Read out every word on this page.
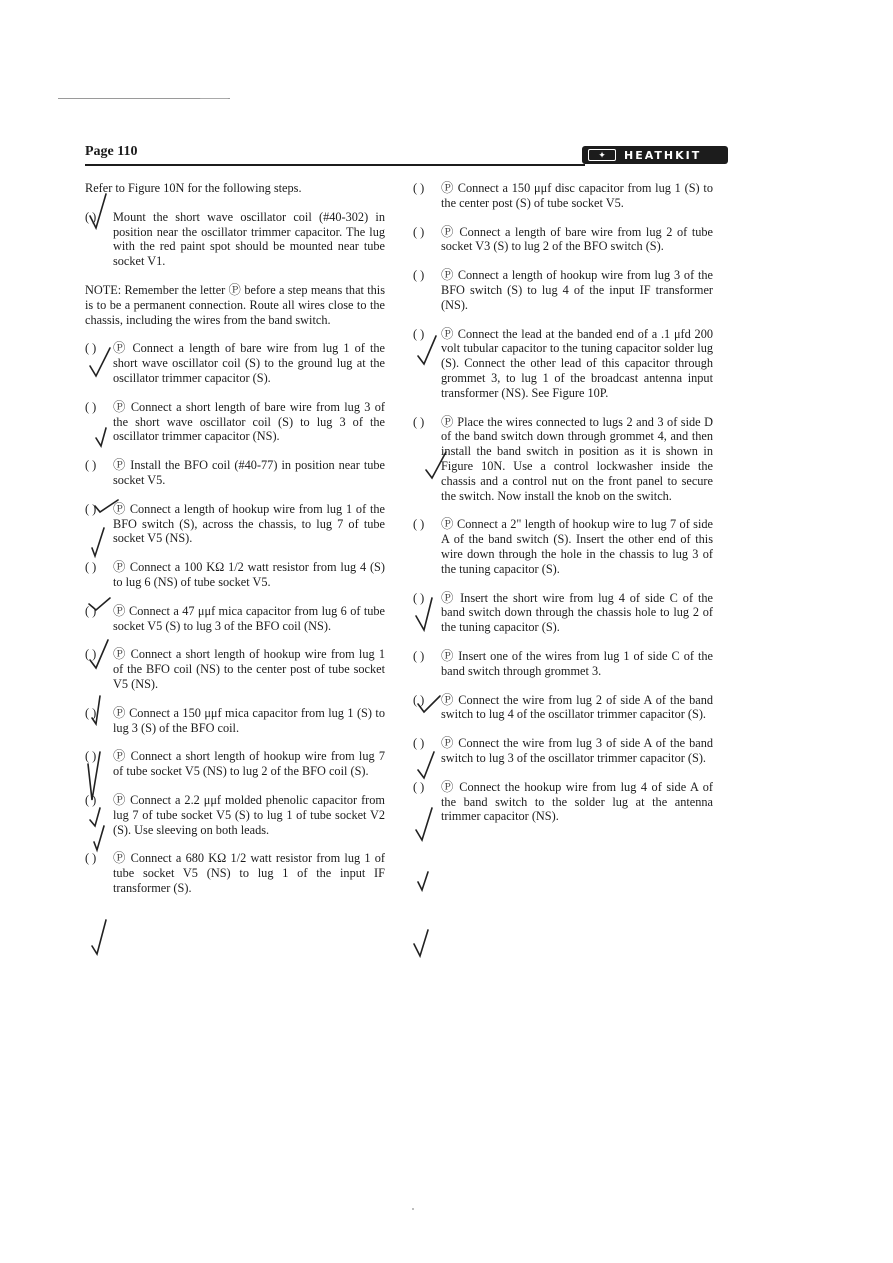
Page 110	✦	HEATHKIT
Refer to Figure 10N for the following steps.
( ) Mount the short wave oscillator coil (#40-302) in position near the oscillator trimmer capacitor. The lug with the red paint spot should be mounted near tube socket V1.
NOTE: Remember the letter Ⓟ before a step means that this is to be a permanent connection. Route all wires close to the chassis, including the wires from the band switch.
( ) Ⓟ Connect a length of bare wire from lug 1 of the short wave oscillator coil (S) to the ground lug at the oscillator trimmer capacitor (S).
( ) Ⓟ Connect a short length of bare wire from lug 3 of the short wave oscillator coil (S) to lug 3 of the oscillator trimmer capacitor (NS).
( ) Ⓟ Install the BFO coil (#40-77) in position near tube socket V5.
( ) Ⓟ Connect a length of hookup wire from lug 1 of the BFO switch (S), across the chassis, to lug 7 of tube socket V5 (NS).
( ) Ⓟ Connect a 100 KΩ 1/2 watt resistor from lug 4 (S) to lug 6 (NS) of tube socket V5.
( ) Ⓟ Connect a 47 μμf mica capacitor from lug 6 of tube socket V5 (S) to lug 3 of the BFO coil (NS).
( ) Ⓟ Connect a short length of hookup wire from lug 1 of the BFO coil (NS) to the center post of tube socket V5 (NS).
( ) Ⓟ Connect a 150 μμf mica capacitor from lug 1 (S) to lug 3 (S) of the BFO coil.
( ) Ⓟ Connect a short length of hookup wire from lug 7 of tube socket V5 (NS) to lug 2 of the BFO coil (S).
( ) Ⓟ Connect a 2.2 μμf molded phenolic capacitor from lug 7 of tube socket V5 (S) to lug 1 of tube socket V2 (S). Use sleeving on both leads.
( ) Ⓟ Connect a 680 KΩ 1/2 watt resistor from lug 1 of tube socket V5 (NS) to lug 1 of the input IF transformer (S).
( ) Ⓟ Connect a 150 μμf disc capacitor from lug 1 (S) to the center post (S) of tube socket V5.
( ) Ⓟ Connect a length of bare wire from lug 2 of tube socket V3 (S) to lug 2 of the BFO switch (S).
( ) Ⓟ Connect a length of hookup wire from lug 3 of the BFO switch (S) to lug 4 of the input IF transformer (NS).
( ) Ⓟ Connect the lead at the banded end of a .1 μfd 200 volt tubular capacitor to the tuning capacitor solder lug (S). Connect the other lead of this capacitor through grommet 3, to lug 1 of the broadcast antenna input transformer (NS). See Figure 10P.
( ) Ⓟ Place the wires connected to lugs 2 and 3 of side D of the band switch down through grommet 4, and then install the band switch in position as it is shown in Figure 10N. Use a control lockwasher inside the chassis and a control nut on the front panel to secure the switch. Now install the knob on the switch.
( ) Ⓟ Connect a 2" length of hookup wire to lug 7 of side A of the band switch (S). Insert the other end of this wire down through the hole in the chassis to lug 3 of the tuning capacitor (S).
( ) Ⓟ Insert the short wire from lug 4 of side C of the band switch down through the chassis hole to lug 2 of the tuning capacitor (S).
( ) Ⓟ Insert one of the wires from lug 1 of side C of the band switch through grommet 3.
( ) Ⓟ Connect the wire from lug 2 of side A of the band switch to lug 4 of the oscillator trimmer capacitor (S).
( ) Ⓟ Connect the wire from lug 3 of side A of the band switch to lug 3 of the oscillator trimmer capacitor (S).
( ) Ⓟ Connect the hookup wire from lug 4 of side A of the band switch to the solder lug at the antenna trimmer capacitor (NS).
